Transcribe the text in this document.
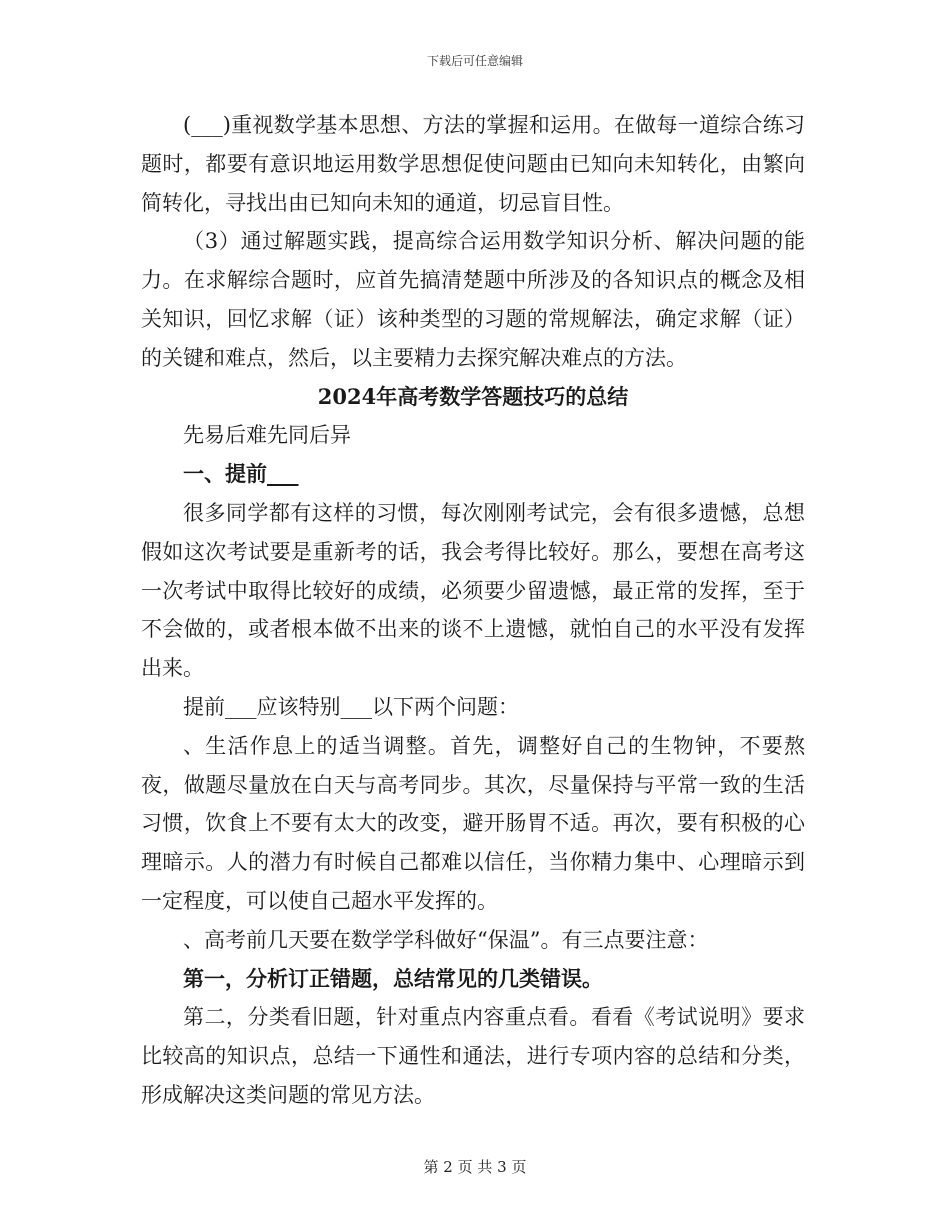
下载后可任意编辑

(___)重视数学基本思想、方法的掌握和运用。在做每一道综合练习题时，都要有意识地运用数学思想促使问题由已知向未知转化，由繁向简转化，寻找出由已知向未知的通道，切忌盲目性。

（3）通过解题实践，提高综合运用数学知识分析、解决问题的能力。在求解综合题时，应首先搞清楚题中所涉及的各知识点的概念及相关知识，回忆求解（证）该种类型的习题的常规解法，确定求解（证）的关键和难点，然后，以主要精力去探究解决难点的方法。

2024年高考数学答题技巧的总结

先易后难先同后异

一、提前___

很多同学都有这样的习惯，每次刚刚考试完，会有很多遗憾，总想假如这次考试要是重新考的话，我会考得比较好。那么，要想在高考这一次考试中取得比较好的成绩，必须要少留遗憾，最正常的发挥，至于不会做的，或者根本做不出来的谈不上遗憾，就怕自己的水平没有发挥出来。

提前___应该特别___以下两个问题：

、生活作息上的适当调整。首先，调整好自己的生物钟，不要熬夜，做题尽量放在白天与高考同步。其次，尽量保持与平常一致的生活习惯，饮食上不要有太大的改变，避开肠胃不适。再次，要有积极的心理暗示。人的潜力有时候自己都难以信任，当你精力集中、心理暗示到一定程度，可以使自己超水平发挥的。

、高考前几天要在数学学科做好“保温”。有三点要注意：

第一，分析订正错题，总结常见的几类错误。

第二，分类看旧题，针对重点内容重点看。看看《考试说明》要求比较高的知识点，总结一下通性和通法，进行专项内容的总结和分类，形成解决这类问题的常见方法。

第 2 页 共 3 页
